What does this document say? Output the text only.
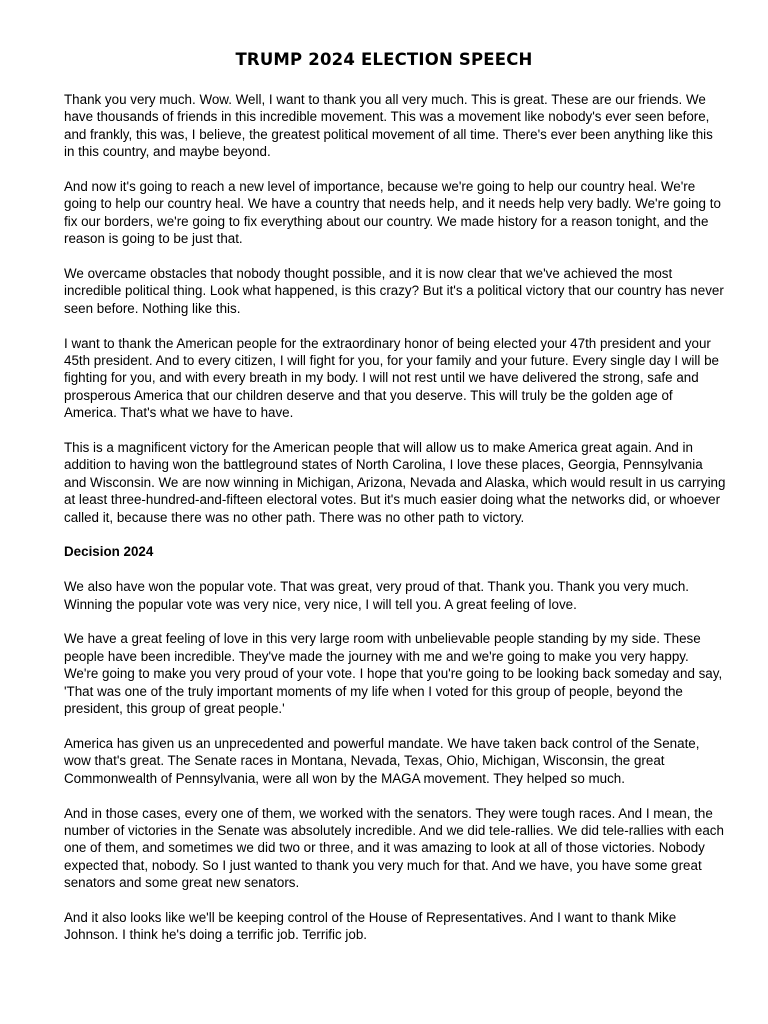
TRUMP 2024 ELECTION SPEECH

Thank you very much. Wow. Well, I want to thank you all very much. This is great. These are our friends. We have thousands of friends in this incredible movement. This was a movement like nobody's ever seen before, and frankly, this was, I believe, the greatest political movement of all time. There's ever been anything like this in this country, and maybe beyond.

And now it's going to reach a new level of importance, because we're going to help our country heal. We're going to help our country heal. We have a country that needs help, and it needs help very badly. We're going to fix our borders, we're going to fix everything about our country. We made history for a reason tonight, and the reason is going to be just that.

We overcame obstacles that nobody thought possible, and it is now clear that we've achieved the most incredible political thing. Look what happened, is this crazy? But it's a political victory that our country has never seen before. Nothing like this.

I want to thank the American people for the extraordinary honor of being elected your 47th president and your 45th president. And to every citizen, I will fight for you, for your family and your future. Every single day I will be fighting for you, and with every breath in my body. I will not rest until we have delivered the strong, safe and prosperous America that our children deserve and that you deserve. This will truly be the golden age of America. That's what we have to have.

This is a magnificent victory for the American people that will allow us to make America great again. And in addition to having won the battleground states of North Carolina, I love these places, Georgia, Pennsylvania and Wisconsin. We are now winning in Michigan, Arizona, Nevada and Alaska, which would result in us carrying at least three-hundred-and-fifteen electoral votes. But it's much easier doing what the networks did, or whoever called it, because there was no other path. There was no other path to victory.

Decision 2024

We also have won the popular vote. That was great, very proud of that. Thank you. Thank you very much. Winning the popular vote was very nice, very nice, I will tell you. A great feeling of love.

We have a great feeling of love in this very large room with unbelievable people standing by my side. These people have been incredible. They've made the journey with me and we're going to make you very happy. We're going to make you very proud of your vote. I hope that you're going to be looking back someday and say, 'That was one of the truly important moments of my life when I voted for this group of people, beyond the president, this group of great people.'

America has given us an unprecedented and powerful mandate. We have taken back control of the Senate, wow that's great. The Senate races in Montana, Nevada, Texas, Ohio, Michigan, Wisconsin, the great Commonwealth of Pennsylvania, were all won by the MAGA movement. They helped so much.

And in those cases, every one of them, we worked with the senators. They were tough races. And I mean, the number of victories in the Senate was absolutely incredible. And we did tele-rallies. We did tele-rallies with each one of them, and sometimes we did two or three, and it was amazing to look at all of those victories. Nobody expected that, nobody. So I just wanted to thank you very much for that. And we have, you have some great senators and some great new senators.

And it also looks like we'll be keeping control of the House of Representatives. And I want to thank Mike Johnson. I think he's doing a terrific job. Terrific job.
